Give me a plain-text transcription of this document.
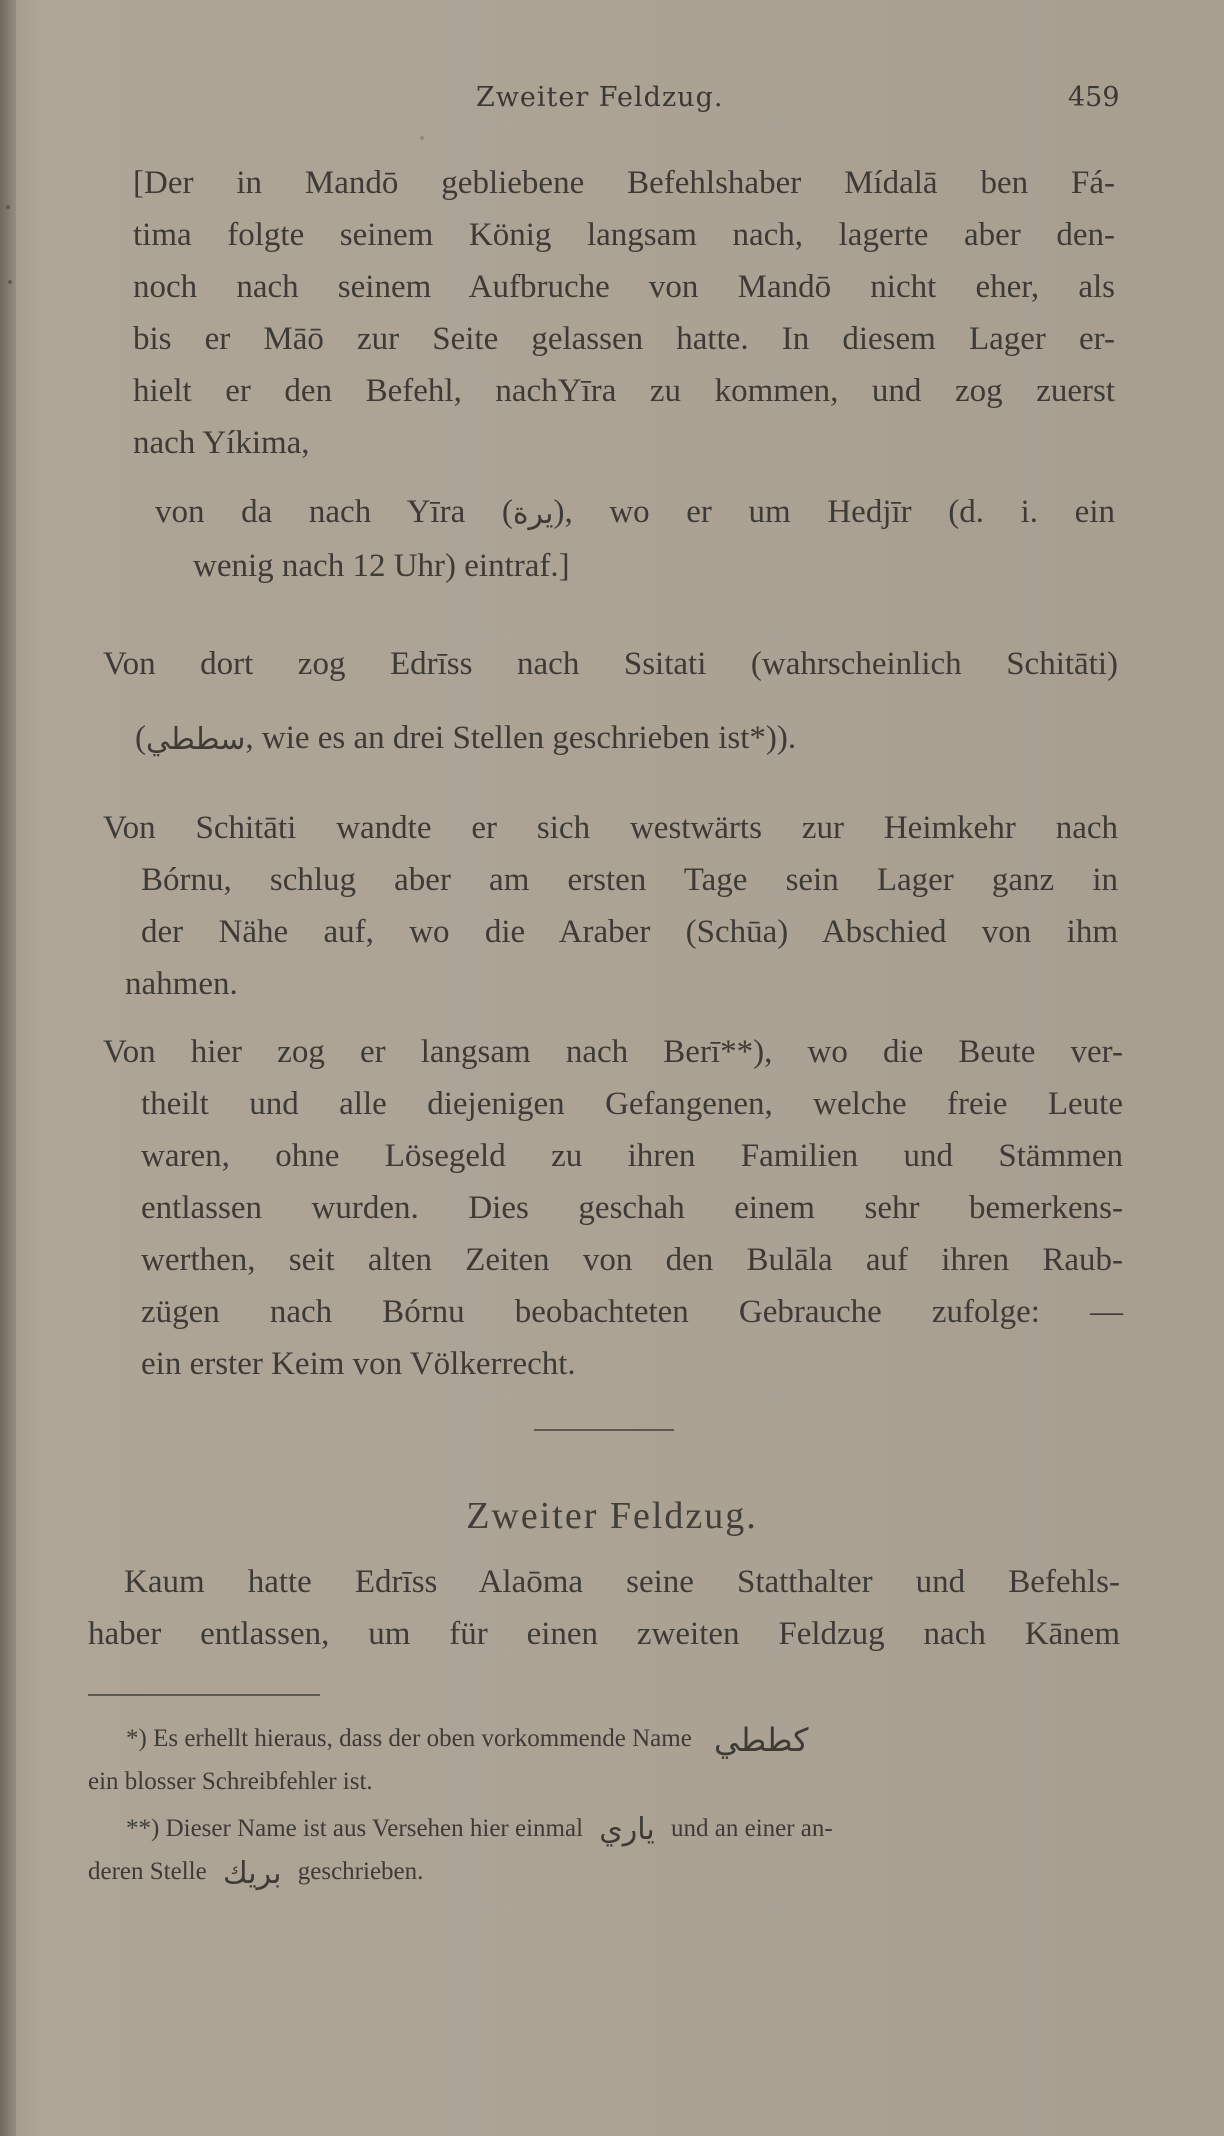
Zweiter Feldzug.	459
[Der in Mandō gebliebene Befehlshaber Mídalā ben Fá-
tima folgte seinem König langsam nach, lagerte aber den-
noch nach seinem Aufbruche von Mandō nicht eher, als
bis er Māō zur Seite gelassen hatte. In diesem Lager er-
hielt er den Befehl, nachYīra zu kommen, und zog zuerst
nach Yíkima,
von da nach Yīra (يرة), wo er um Hedjīr (d. i. ein
wenig nach 12 Uhr) eintraf.]
Von dort zog Edrīss nach Ssitati (wahrscheinlich Schitāti)
(سططي, wie es an drei Stellen geschrieben ist*)).
Von Schitāti wandte er sich westwärts zur Heimkehr nach
Bórnu, schlug aber am ersten Tage sein Lager ganz in
der Nähe auf, wo die Araber (Schūa) Abschied von ihm
nahmen.
Von hier zog er langsam nach Berī**), wo die Beute ver-
theilt und alle diejenigen Gefangenen, welche freie Leute
waren, ohne Lösegeld zu ihren Familien und Stämmen
entlassen wurden. Dies geschah einem sehr bemerkens-
werthen, seit alten Zeiten von den Bulāla auf ihren Raub-
zügen nach Bórnu beobachteten Gebrauche zufolge: —
ein erster Keim von Völkerrecht.
Zweiter Feldzug.
Kaum hatte Edrīss Alaōma seine Statthalter und Befehls-
haber entlassen, um für einen zweiten Feldzug nach Kānem
*) Es erhellt hieraus, dass der oben vorkommende Name كططي
ein blosser Schreibfehler ist.
**) Dieser Name ist aus Versehen hier einmal ياري und an einer an-
deren Stelle بريك geschrieben.
